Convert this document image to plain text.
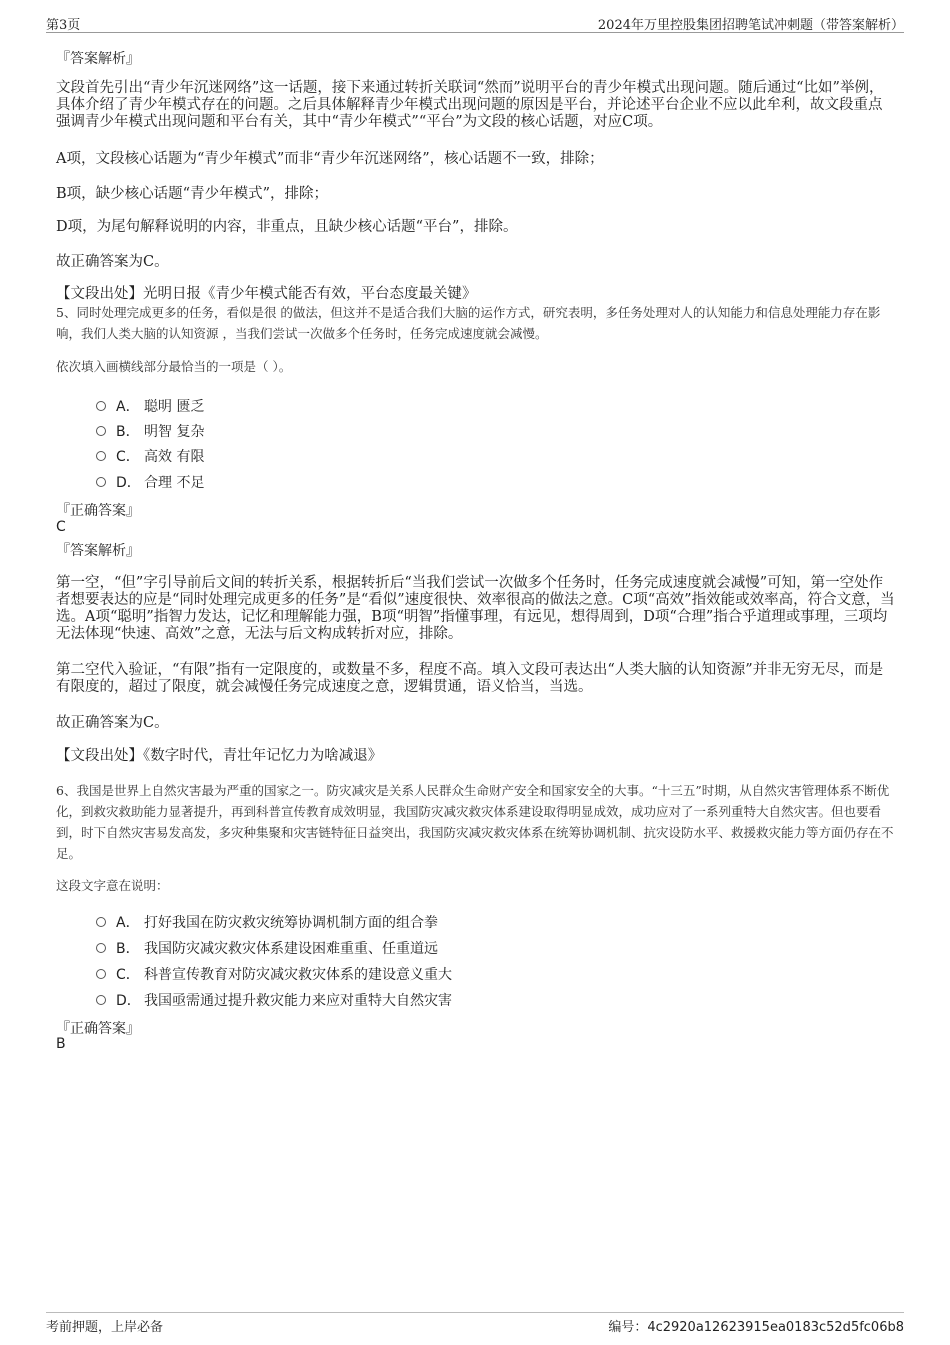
第3页	2024年万里控股集团招聘笔试冲刺题（带答案解析）
『答案解析』
文段首先引出“青少年沉迷网络”这一话题，接下来通过转折关联词“然而”说明平台的青少年模式出现问题。随后通过“比如”举例，具体介绍了青少年模式存在的问题。之后具体解释青少年模式出现问题的原因是平台，并论述平台企业不应以此牟利，故文段重点强调青少年模式出现问题和平台有关，其中“青少年模式”“平台”为文段的核心话题，对应C项。
A项，文段核心话题为“青少年模式”而非“青少年沉迷网络”，核心话题不一致，排除；
B项，缺少核心话题“青少年模式”，排除；
D项，为尾句解释说明的内容，非重点，且缺少核心话题“平台”，排除。
故正确答案为C。
【文段出处】光明日报《青少年模式能否有效，平台态度最关键》
5、同时处理完成更多的任务，看似是很 的做法，但这并不是适合我们大脑的运作方式，研究表明，多任务处理对人的认知能力和信息处理能力存在影响，我们人类大脑的认知资源 ，当我们尝试一次做多个任务时，任务完成速度就会减慢。
依次填入画横线部分最恰当的一项是（ ）。
A． 聪明 匮乏
B． 明智 复杂
C． 高效 有限
D． 合理 不足
『正确答案』
C
『答案解析』
第一空，“但”字引导前后文间的转折关系，根据转折后“当我们尝试一次做多个任务时，任务完成速度就会减慢”可知，第一空处作者想要表达的应是“同时处理完成更多的任务”是“看似”速度很快、效率很高的做法之意。C项“高效”指效能或效率高，符合文意，当选。A项“聪明”指智力发达，记忆和理解能力强，B项“明智”指懂事理，有远见，想得周到，D项“合理”指合乎道理或事理，三项均无法体现“快速、高效”之意，无法与后文构成转折对应，排除。
第二空代入验证，“有限”指有一定限度的，或数量不多，程度不高。填入文段可表达出“人类大脑的认知资源”并非无穷无尽，而是有限度的，超过了限度，就会减慢任务完成速度之意，逻辑贯通，语义恰当，当选。
故正确答案为C。
【文段出处】《数字时代，青壮年记忆力为啥减退》
6、我国是世界上自然灾害最为严重的国家之一。防灾减灾是关系人民群众生命财产安全和国家安全的大事。“十三五”时期，从自然灾害管理体系不断优化，到救灾救助能力显著提升，再到科普宣传教育成效明显，我国防灾减灾救灾体系建设取得明显成效，成功应对了一系列重特大自然灾害。但也要看到，时下自然灾害易发高发，多灾种集聚和灾害链特征日益突出，我国防灾减灾救灾体系在统筹协调机制、抗灾设防水平、救援救灾能力等方面仍存在不足。
这段文字意在说明：
A． 打好我国在防灾救灾统筹协调机制方面的组合拳
B． 我国防灾减灾救灾体系建设困难重重、任重道远
C． 科普宣传教育对防灾减灾救灾体系的建设意义重大
D． 我国亟需通过提升救灾能力来应对重特大自然灾害
『正确答案』
B
考前押题，上岸必备	编号：4c2920a12623915ea0183c52d5fc06b8
